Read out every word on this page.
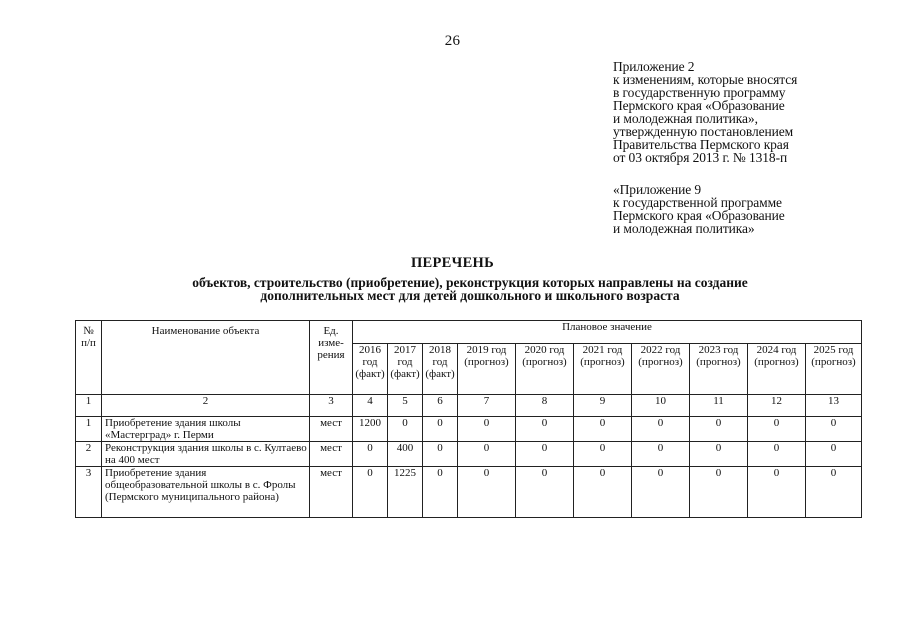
26
Приложение 2
к изменениям, которые вносятся
в государственную программу
Пермского края «Образование
и молодежная политика»,
утвержденную постановлением
Правительства Пермского края
от 03 октября 2013 г. № 1318-п
«Приложение 9
к государственной программе
Пермского края «Образование
и молодежная политика»
ПЕРЕЧЕНЬ
объектов, строительство (приобретение), реконструкция которых направлены на создание
дополнительных мест для детей дошкольного и школьного возраста
№ п/п	Наименование объекта	Ед. изме- рения	Плановое значение									
			2016 год (факт)	2017 год (факт)	2018 год (факт)	2019 год (прогноз)	2020 год (прогноз)	2021 год (прогноз)	2022 год (прогноз)	2023 год (прогноз)	2024 год (прогноз)	2025 год (прогноз)
1	2	3	4	5	6	7	8	9	10	11	12	13
1	Приобретение здания школы «Мастерград» г. Перми	мест	1200	0	0	0	0	0	0	0	0	0
2	Реконструкция здания школы в с. Култаево на 400 мест	мест	0	400	0	0	0	0	0	0	0	0
3	Приобретение здания общеобразовательной школы в с. Фролы (Пермского муниципального района)	мест	0	1225	0	0	0	0	0	0	0	0
